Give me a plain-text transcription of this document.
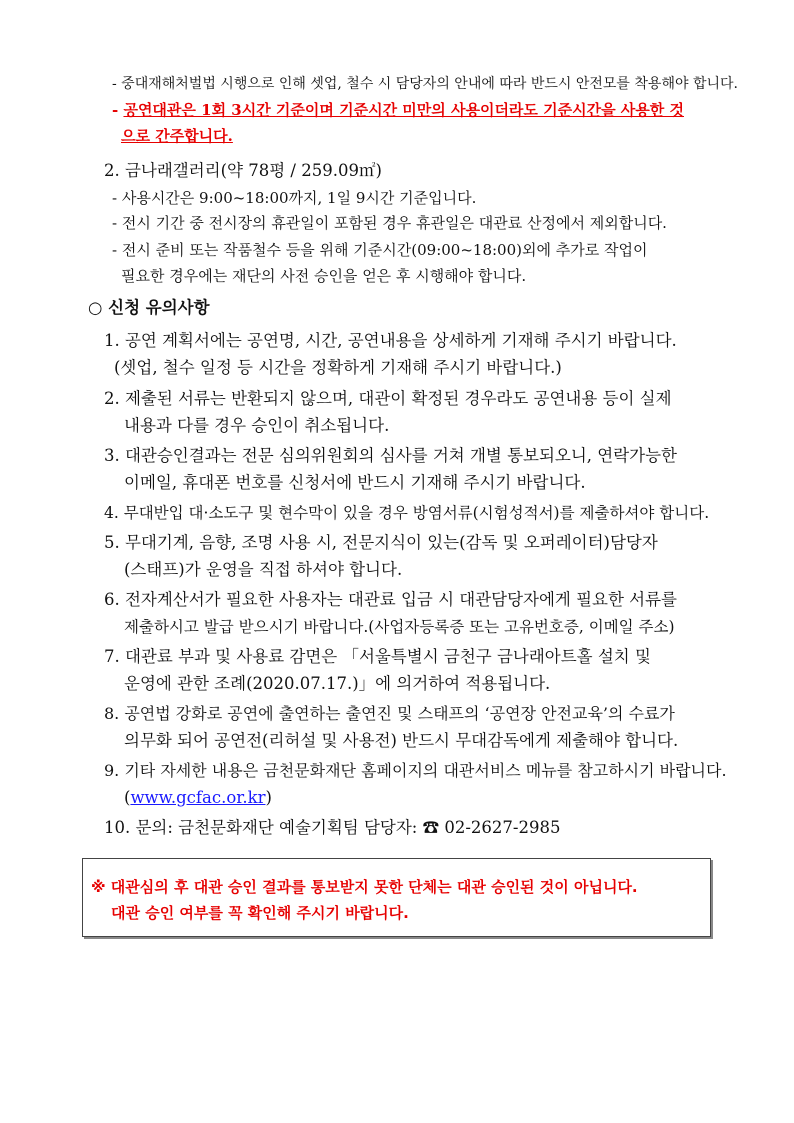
- 중대재해처벌법 시행으로 인해 셋업, 철수 시 담당자의 안내에 따라 반드시 안전모를 착용해야 합니다.
- 공연대관은 1회 3시간 기준이며 기준시간 미만의 사용이더라도 기준시간을 사용한 것
으로 간주합니다.
2. 금나래갤러리(약 78평 / 259.09㎡)
- 사용시간은 9:00~18:00까지, 1일 9시간 기준입니다.
- 전시 기간 중 전시장의 휴관일이 포함된 경우 휴관일은 대관료 산정에서 제외합니다.
- 전시 준비 또는 작품철수 등을 위해 기준시간(09:00~18:00)외에 추가로 작업이
필요한 경우에는 재단의 사전 승인을 얻은 후 시행해야 합니다.
○ 신청 유의사항
1. 공연 계획서에는 공연명, 시간, 공연내용을 상세하게 기재해 주시기 바랍니다.
(셋업, 철수 일정 등 시간을 정확하게 기재해 주시기 바랍니다.)
2. 제출된 서류는 반환되지 않으며, 대관이 확정된 경우라도 공연내용 등이 실제
내용과 다를 경우 승인이 취소됩니다.
3. 대관승인결과는 전문 심의위원회의 심사를 거쳐 개별 통보되오니, 연락가능한
이메일, 휴대폰 번호를 신청서에 반드시 기재해 주시기 바랍니다.
4. 무대반입 대·소도구 및 현수막이 있을 경우 방염서류(시험성적서)를 제출하셔야 합니다.
5. 무대기계, 음향, 조명 사용 시, 전문지식이 있는(감독 및 오퍼레이터)담당자
(스태프)가 운영을 직접 하셔야 합니다.
6. 전자계산서가 필요한 사용자는 대관료 입금 시 대관담당자에게 필요한 서류를
제출하시고 발급 받으시기 바랍니다.(사업자등록증 또는 고유번호증, 이메일 주소)
7. 대관료 부과 및 사용료 감면은 「서울특별시 금천구 금나래아트홀 설치 및
운영에 관한 조례(2020.07.17.)」에 의거하여 적용됩니다.
8. 공연법 강화로 공연에 출연하는 출연진 및 스태프의 ‘공연장 안전교육’의 수료가
의무화 되어 공연전(리허설 및 사용전) 반드시 무대감독에게 제출해야 합니다.
9. 기타 자세한 내용은 금천문화재단 홈페이지의 대관서비스 메뉴를 참고하시기 바랍니다.
(www.gcfac.or.kr)
10. 문의: 금천문화재단 예술기획팀 담당자: ☎ 02-2627-2985
※ 대관심의 후 대관 승인 결과를 통보받지 못한 단체는 대관 승인된 것이 아닙니다.
대관 승인 여부를 꼭 확인해 주시기 바랍니다.
